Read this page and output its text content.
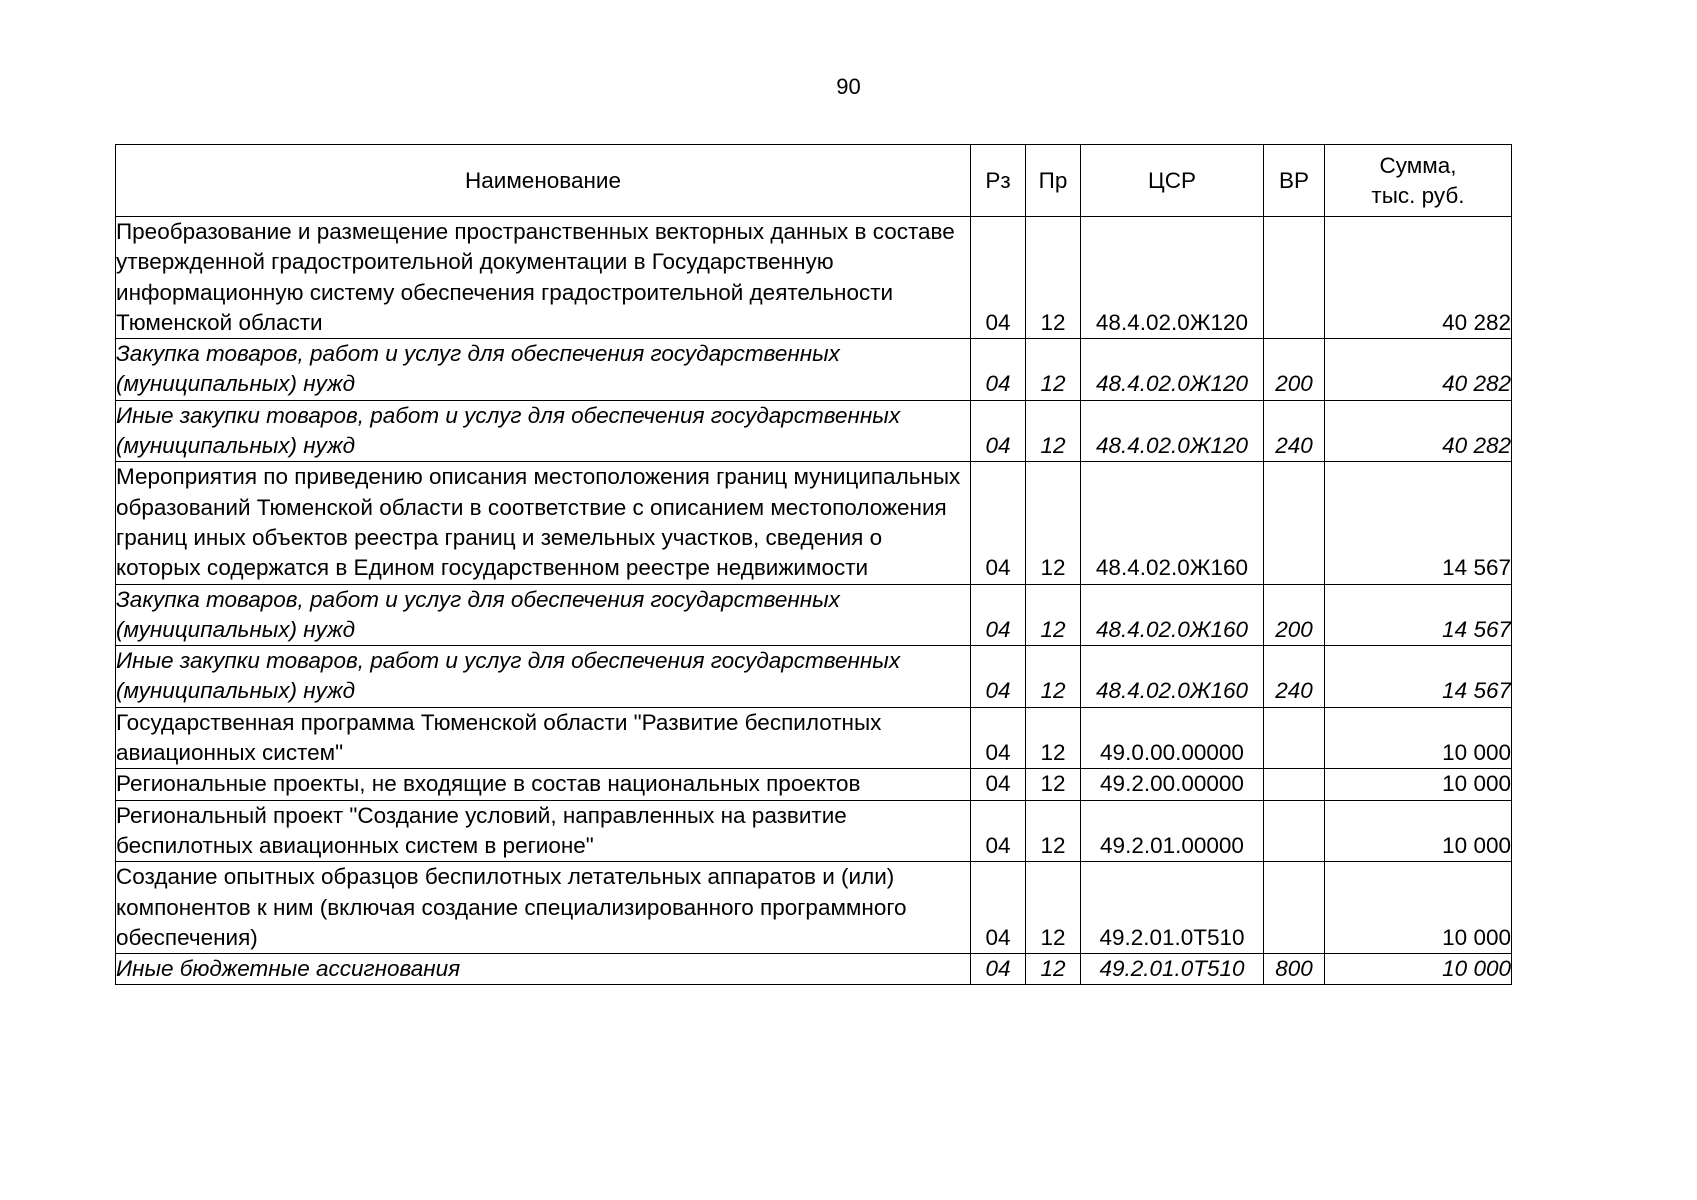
90
Наименование	Рз	Пр	ЦСР	ВР	Сумма,
тыс. руб.
Преобразование и размещение пространственных векторных данных в составе утвержденной градостроительной документации в Государственную информационную систему обеспечения градостроительной деятельности Тюменской области	04	12	48.4.02.0Ж120		40 282
Закупка товаров, работ и услуг для обеспечения государственных (муниципальных) нужд	04	12	48.4.02.0Ж120	200	40 282
Иные закупки товаров, работ и услуг для обеспечения государственных (муниципальных) нужд	04	12	48.4.02.0Ж120	240	40 282
Мероприятия по приведению описания местоположения границ муниципальных образований Тюменской области в соответствие с описанием местоположения границ иных объектов реестра границ и земельных участков, сведения о которых содержатся в Едином государственном реестре недвижимости	04	12	48.4.02.0Ж160		14 567
Закупка товаров, работ и услуг для обеспечения государственных (муниципальных) нужд	04	12	48.4.02.0Ж160	200	14 567
Иные закупки товаров, работ и услуг для обеспечения государственных (муниципальных) нужд	04	12	48.4.02.0Ж160	240	14 567
Государственная программа Тюменской области "Развитие беспилотных авиационных систем"	04	12	49.0.00.00000		10 000
Региональные проекты, не входящие в состав национальных проектов	04	12	49.2.00.00000		10 000
Региональный проект "Создание условий, направленных на развитие беспилотных авиационных систем в регионе"	04	12	49.2.01.00000		10 000
Создание опытных образцов беспилотных летательных аппаратов и (или) компонентов к ним (включая создание специализированного программного обеспечения)	04	12	49.2.01.0Т510		10 000
Иные бюджетные ассигнования	04	12	49.2.01.0Т510	800	10 000
